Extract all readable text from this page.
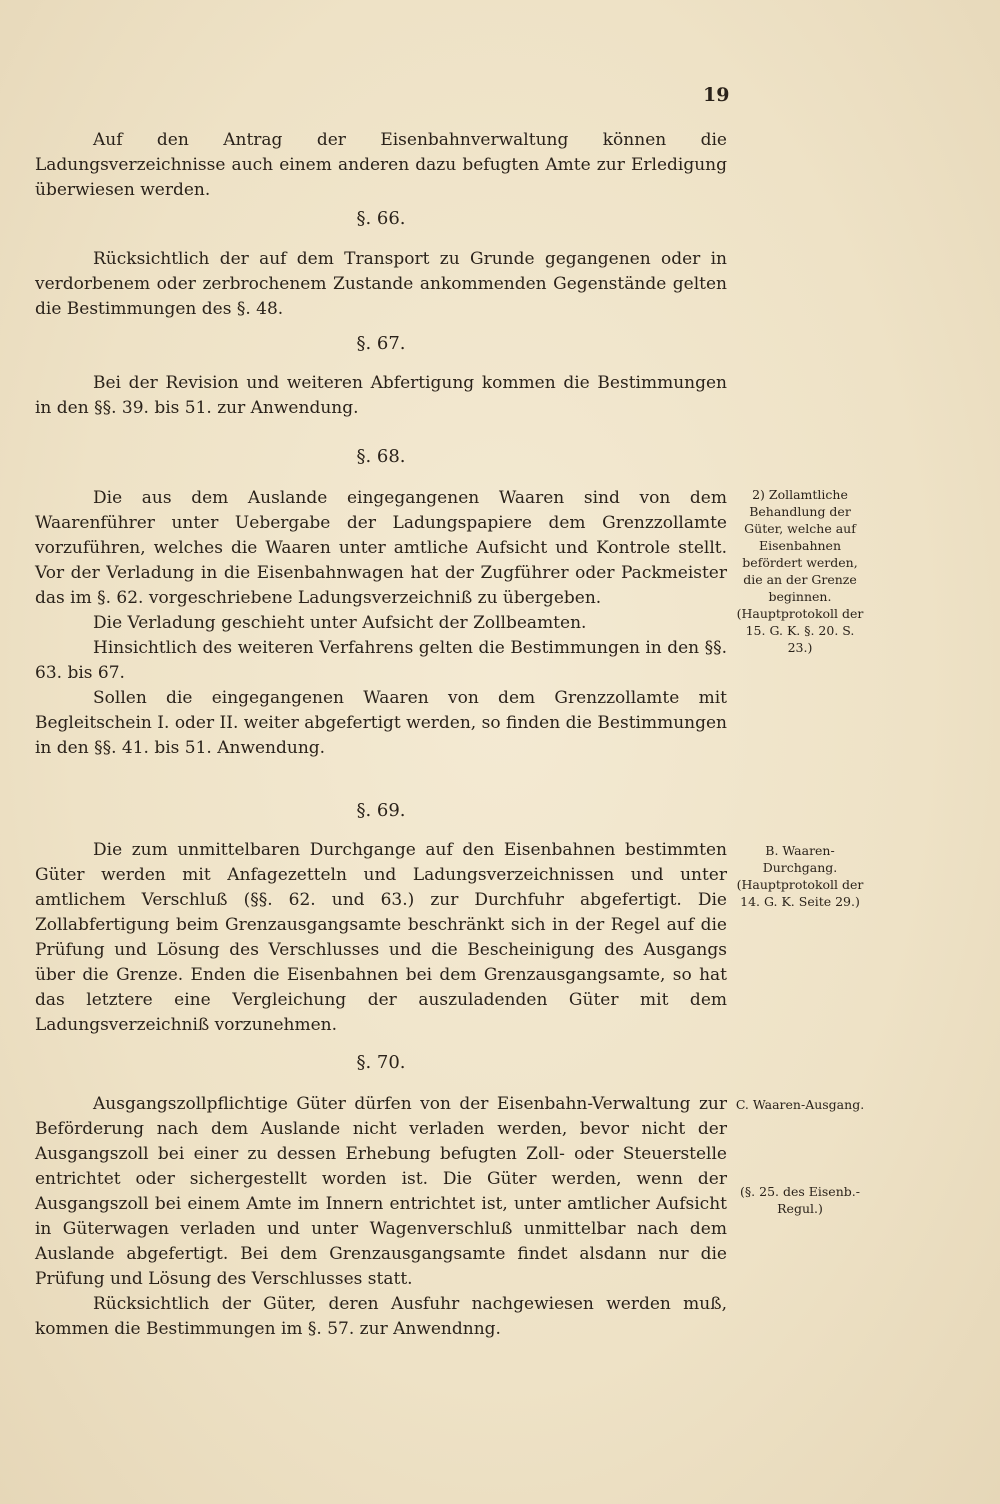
19

Auf den Antrag der Eisenbahnverwaltung können die Ladungsverzeichnisse auch einem anderen dazu befugten Amte zur Erledigung überwiesen werden.

§. 66.

Rücksichtlich der auf dem Transport zu Grunde gegangenen oder in verdorbenem oder zerbrochenem Zustande ankommenden Gegenstände gelten die Bestimmungen des §. 48.

§. 67.

Bei der Revision und weiteren Abfertigung kommen die Bestimmungen in den §§. 39. bis 51. zur Anwendung.

§. 68.

Die aus dem Auslande eingegangenen Waaren sind von dem Waarenführer unter Uebergabe der Ladungspapiere dem Grenzzollamte vorzuführen, welches die Waaren unter amtliche Aufsicht und Kontrole stellt. Vor der Verladung in die Eisenbahnwagen hat der Zugführer oder Packmeister das im §. 62. vorgeschriebene Ladungsverzeichniß zu übergeben.

Die Verladung geschieht unter Aufsicht der Zollbeamten.

Hinsichtlich des weiteren Verfahrens gelten die Bestimmungen in den §§. 63. bis 67.

Sollen die eingegangenen Waaren von dem Grenzzollamte mit Begleitschein I. oder II. weiter abgefertigt werden, so finden die Bestimmungen in den §§. 41. bis 51. Anwendung.

§. 69.

Die zum unmittelbaren Durchgange auf den Eisenbahnen bestimmten Güter werden mit Anfagezetteln und Ladungsverzeichnissen und unter amtlichem Verschluß (§§. 62. und 63.) zur Durchfuhr abgefertigt. Die Zollabfertigung beim Grenzausgangsamte beschränkt sich in der Regel auf die Prüfung und Lösung des Verschlusses und die Bescheinigung des Ausgangs über die Grenze. Enden die Eisenbahnen bei dem Grenzausgangsamte, so hat das letztere eine Vergleichung der auszuladenden Güter mit dem Ladungsverzeichniß vorzunehmen.

§. 70.

Ausgangszollpflichtige Güter dürfen von der Eisenbahn-Verwaltung zur Beförderung nach dem Auslande nicht verladen werden, bevor nicht der Ausgangszoll bei einer zu dessen Erhebung befugten Zoll- oder Steuerstelle entrichtet oder sichergestellt worden ist. Die Güter werden, wenn der Ausgangszoll bei einem Amte im Innern entrichtet ist, unter amtlicher Aufsicht in Güterwagen verladen und unter Wagenverschluß unmittelbar nach dem Auslande abgefertigt. Bei dem Grenzausgangsamte findet alsdann nur die Prüfung und Lösung des Verschlusses statt.

Rücksichtlich der Güter, deren Ausfuhr nachgewiesen werden muß, kommen die Bestimmungen im §. 57. zur Anwendnng.

2) Zollamtliche Behandlung der Güter, welche auf Eisenbahnen befördert werden, die an der Grenze beginnen.
(Hauptprotokoll der 15. G. K. §. 20. S. 23.)
B. Waaren-Durchgang.
(Hauptprotokoll der 14. G. K. Seite 29.)
C. Waaren-Ausgang.
(§. 25. des Eisenb.-Regul.)
